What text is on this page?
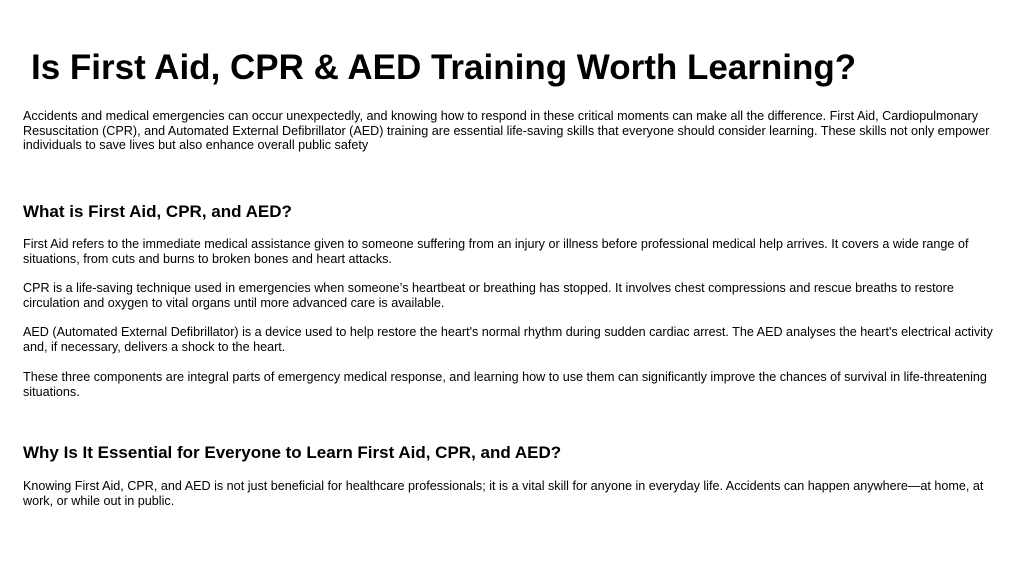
Is First Aid, CPR & AED Training Worth Learning?

Accidents and medical emergencies can occur unexpectedly, and knowing how to respond in these critical moments can make all the difference. First Aid, Cardiopulmonary Resuscitation (CPR), and Automated External Defibrillator (AED) training are essential life-saving skills that everyone should consider learning. These skills not only empower individuals to save lives but also enhance overall public safety

What is First Aid, CPR, and AED?

First Aid refers to the immediate medical assistance given to someone suffering from an injury or illness before professional medical help arrives. It covers a wide range of situations, from cuts and burns to broken bones and heart attacks.

CPR is a life-saving technique used in emergencies when someone’s heartbeat or breathing has stopped. It involves chest compressions and rescue breaths to restore circulation and oxygen to vital organs until more advanced care is available.

AED (Automated External Defibrillator) is a device used to help restore the heart's normal rhythm during sudden cardiac arrest. The AED analyses the heart's electrical activity and, if necessary, delivers a shock to the heart.

These three components are integral parts of emergency medical response, and learning how to use them can significantly improve the chances of survival in life-threatening situations.

Why Is It Essential for Everyone to Learn First Aid, CPR, and AED?

Knowing First Aid, CPR, and AED is not just beneficial for healthcare professionals; it is a vital skill for anyone in everyday life. Accidents can happen anywhere—at home, at work, or while out in public.
